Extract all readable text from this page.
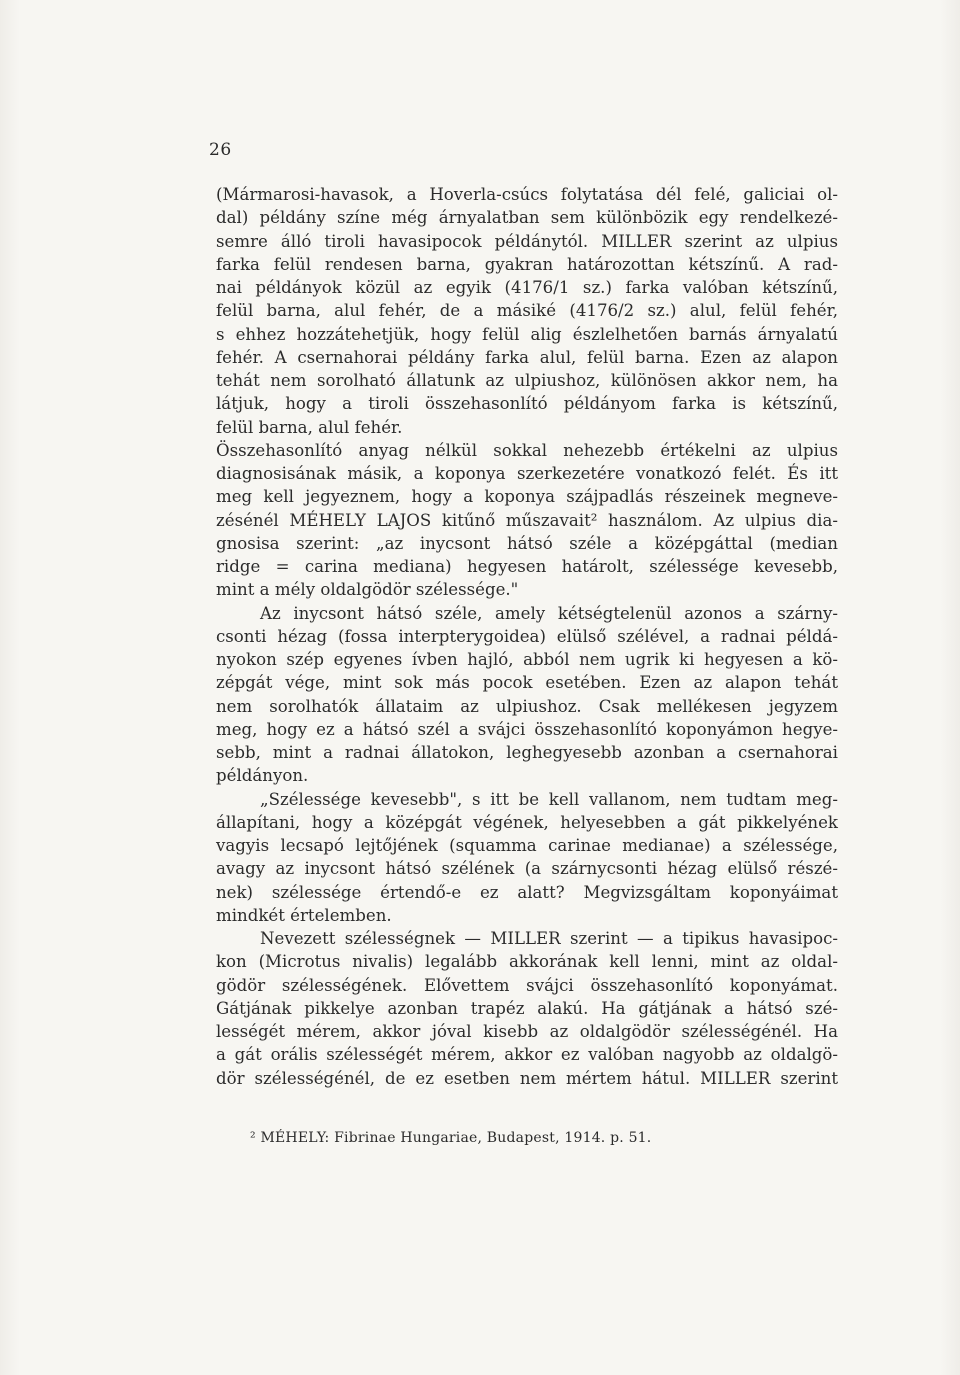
26
(Mármarosi-havasok, a Hoverla-csúcs folytatása dél felé, galiciai ol-
dal) példány színe még árnyalatban sem különbözik egy rendelkezé-
semre álló tiroli havasipocok példánytól. MILLER szerint az ulpius
farka felül rendesen barna, gyakran határozottan kétszínű. A rad-
nai példányok közül az egyik (4176/1 sz.) farka valóban kétszínű,
felül barna, alul fehér, de a másiké (4176/2 sz.) alul, felül fehér,
s ehhez hozzátehetjük, hogy felül alig észlelhetően barnás árnyalatú
fehér. A csernahorai példány farka alul, felül barna. Ezen az alapon
tehát nem sorolható állatunk az ulpiushoz, különösen akkor nem, ha
látjuk, hogy a tiroli összehasonlító példányom farka is kétszínű,
felül barna, alul fehér.
Összehasonlító anyag nélkül sokkal nehezebb értékelni az ulpius
diagnosisának másik, a koponya szerkezetére vonatkozó felét. És itt
meg kell jegyeznem, hogy a koponya szájpadlás részeinek megneve-
zésénél MÉHELY LAJOS kitűnő műszavait² használom. Az ulpius dia-
gnosisa szerint: „az inycsont hátsó széle a középgáttal (median
ridge = carina mediana) hegyesen határolt, szélessége kevesebb,
mint a mély oldalgödör szélessége."
Az inycsont hátsó széle, amely kétségtelenül azonos a szárny-
csonti hézag (fossa interpterygoidea) elülső szélével, a radnai példá-
nyokon szép egyenes ívben hajló, abból nem ugrik ki hegyesen a kö-
zépgát vége, mint sok más pocok esetében. Ezen az alapon tehát
nem sorolhatók állataim az ulpiushoz. Csak mellékesen jegyzem
meg, hogy ez a hátsó szél a svájci összehasonlító koponyámon hegye-
sebb, mint a radnai állatokon, leghegyesebb azonban a csernahorai
példányon.
„Szélessége kevesebb", s itt be kell vallanom, nem tudtam meg-
állapítani, hogy a középgát végének, helyesebben a gát pikkelyének
vagyis lecsapó lejtőjének (squamma carinae medianae) a szélessége,
avagy az inycsont hátsó szélének (a szárnycsonti hézag elülső részé-
nek) szélessége értendő-e ez alatt? Megvizsgáltam koponyáimat
mindkét értelemben.
Nevezett szélességnek — MILLER szerint — a tipikus havasipoc-
kon (Microtus nivalis) legalább akkorának kell lenni, mint az oldal-
gödör szélességének. Elővettem svájci összehasonlító koponyámat.
Gátjának pikkelye azonban trapéz alakú. Ha gátjának a hátsó szé-
lességét mérem, akkor jóval kisebb az oldalgödör szélességénél. Ha
a gát orális szélességét mérem, akkor ez valóban nagyobb az oldalgö-
dör szélességénél, de ez esetben nem mértem hátul. MILLER szerint
² MÉHELY: Fibrinae Hungariae, Budapest, 1914. p. 51.
